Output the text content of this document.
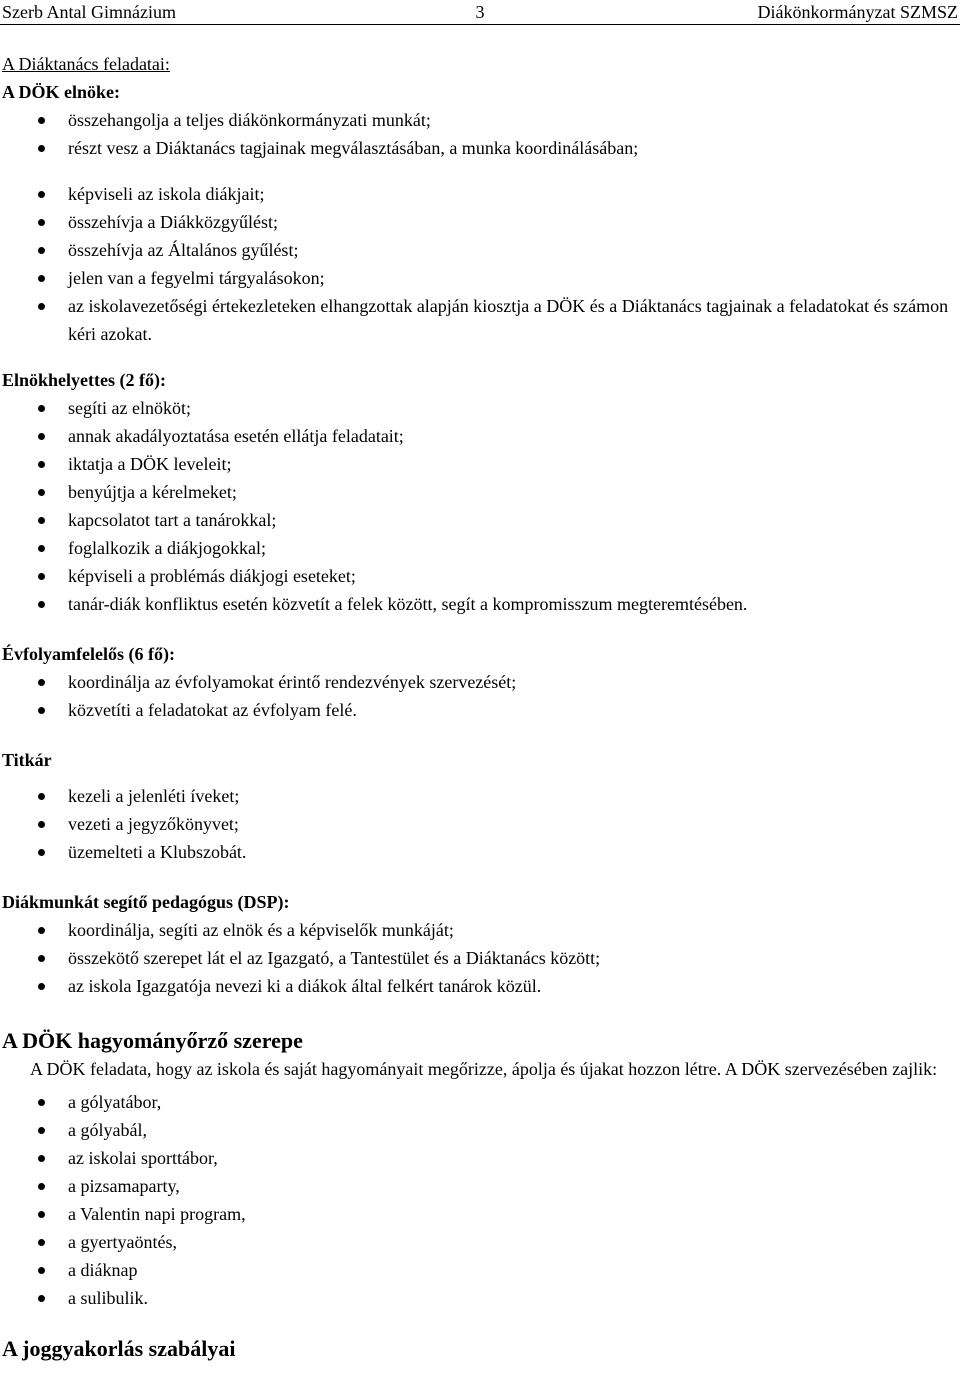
Szerb Antal Gimnázium	3	Diákönkormányzat SZMSZ
A Diáktanács feladatai:
A DÖK elnöke:
összehangolja a teljes diákönkormányzati munkát;
részt vesz a Diáktanács tagjainak megválasztásában, a munka koordinálásában;
képviseli az iskola diákjait;
összehívja a Diákközgyűlést;
összehívja az Általános gyűlést;
jelen van a fegyelmi tárgyalásokon;
az iskolavezetőségi értekezleteken elhangzottak alapján kiosztja a DÖK és a Diáktanács tagjainak a feladatokat és számon kéri azokat.
Elnökhelyettes (2 fő):
segíti az elnököt;
annak akadályoztatása esetén ellátja feladatait;
iktatja a DÖK leveleit;
benyújtja a kérelmeket;
kapcsolatot tart a tanárokkal;
foglalkozik a diákjogokkal;
képviseli a problémás diákjogi eseteket;
tanár-diák konfliktus esetén közvetít a felek között, segít a kompromisszum megteremtésében.
Évfolyamfelelős (6 fő):
koordinálja az évfolyamokat érintő rendezvények szervezését;
közvetíti a feladatokat az évfolyam felé.
Titkár
kezeli a jelenléti íveket;
vezeti a jegyzőkönyvet;
üzemelteti a Klubszobát.
Diákmunkát segítő pedagógus (DSP):
koordinálja, segíti az elnök és a képviselők munkáját;
összekötő szerepet lát el az Igazgató, a Tantestület és a Diáktanács között;
az iskola Igazgatója nevezi ki a diákok által felkért tanárok közül.
A DÖK hagyományőrző szerepe
A DÖK feladata, hogy az iskola és saját hagyományait megőrizze, ápolja és újakat hozzon létre. A DÖK szervezésében zajlik:
a gólyatábor,
a gólyabál,
az iskolai sporttábor,
a pizsamaparty,
a Valentin napi program,
a gyertyaöntés,
a diáknap
a sulibulik.
A joggyakorlás szabályai
